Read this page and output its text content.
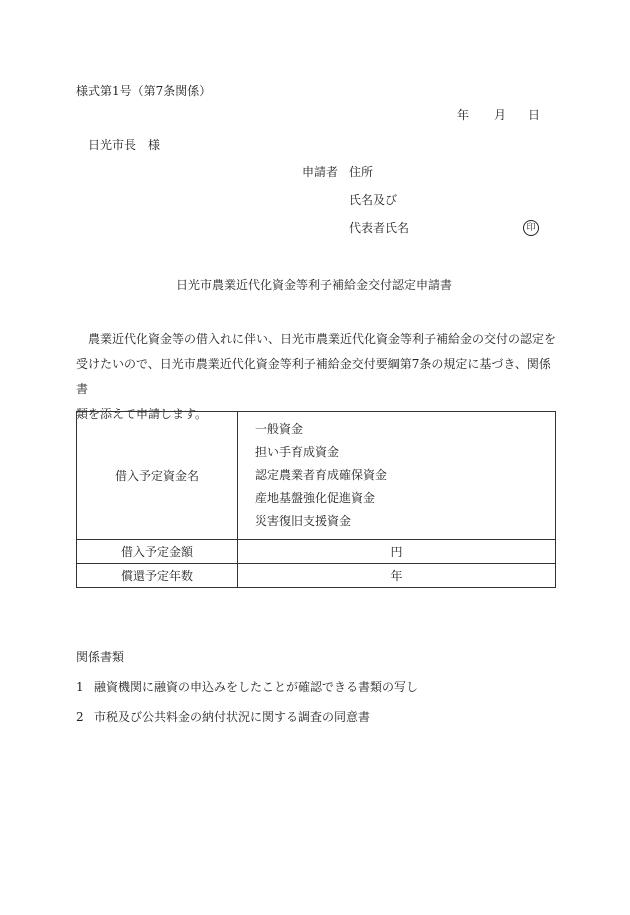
様式第1号（第7条関係）
年 月 日
日光市長　様
申請者 住所
氏名及び
代表者氏名	印
日光市農業近代化資金等利子補給金交付認定申請書
農業近代化資金等の借入れに伴い、日光市農業近代化資金等利子補給金の交付の認定を
受けたいので、日光市農業近代化資金等利子補給金交付要綱第7条の規定に基づき、関係書
類を添えて申請します。
借入予定資金名	一般資金
担い手育成資金
認定農業者育成確保資金
産地基盤強化促進資金
災害復旧支援資金

借入予定金額	円
償還予定年数	年
関係書類
1 融資機関に融資の申込みをしたことが確認できる書類の写し
2 市税及び公共料金の納付状況に関する調査の同意書
